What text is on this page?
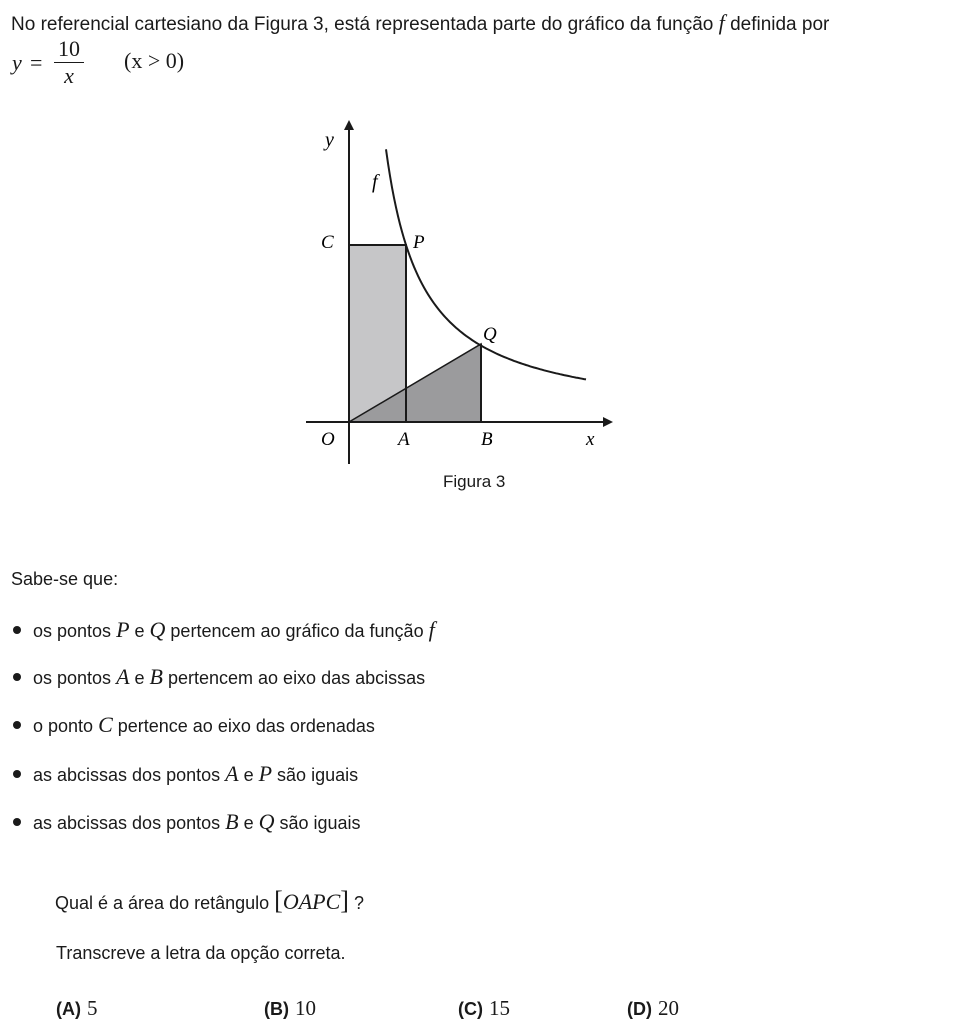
No referencial cartesiano da Figura 3, está representada parte do gráfico da função f definida por
y =
10
x
(x > 0)
y
f
C	P
Q
O	A	B	x
Figura 3
Sabe-se que:
os pontos P e Q pertencem ao gráfico da função f
os pontos A e B pertencem ao eixo das abcissas
o ponto C pertence ao eixo das ordenadas
as abcissas dos pontos A e P são iguais
as abcissas dos pontos B e Q são iguais
Qual é a área do retângulo [OAPC] ?
Transcreve a letra da opção correta.
(A) 5	(B) 10	(C) 15	(D) 20
